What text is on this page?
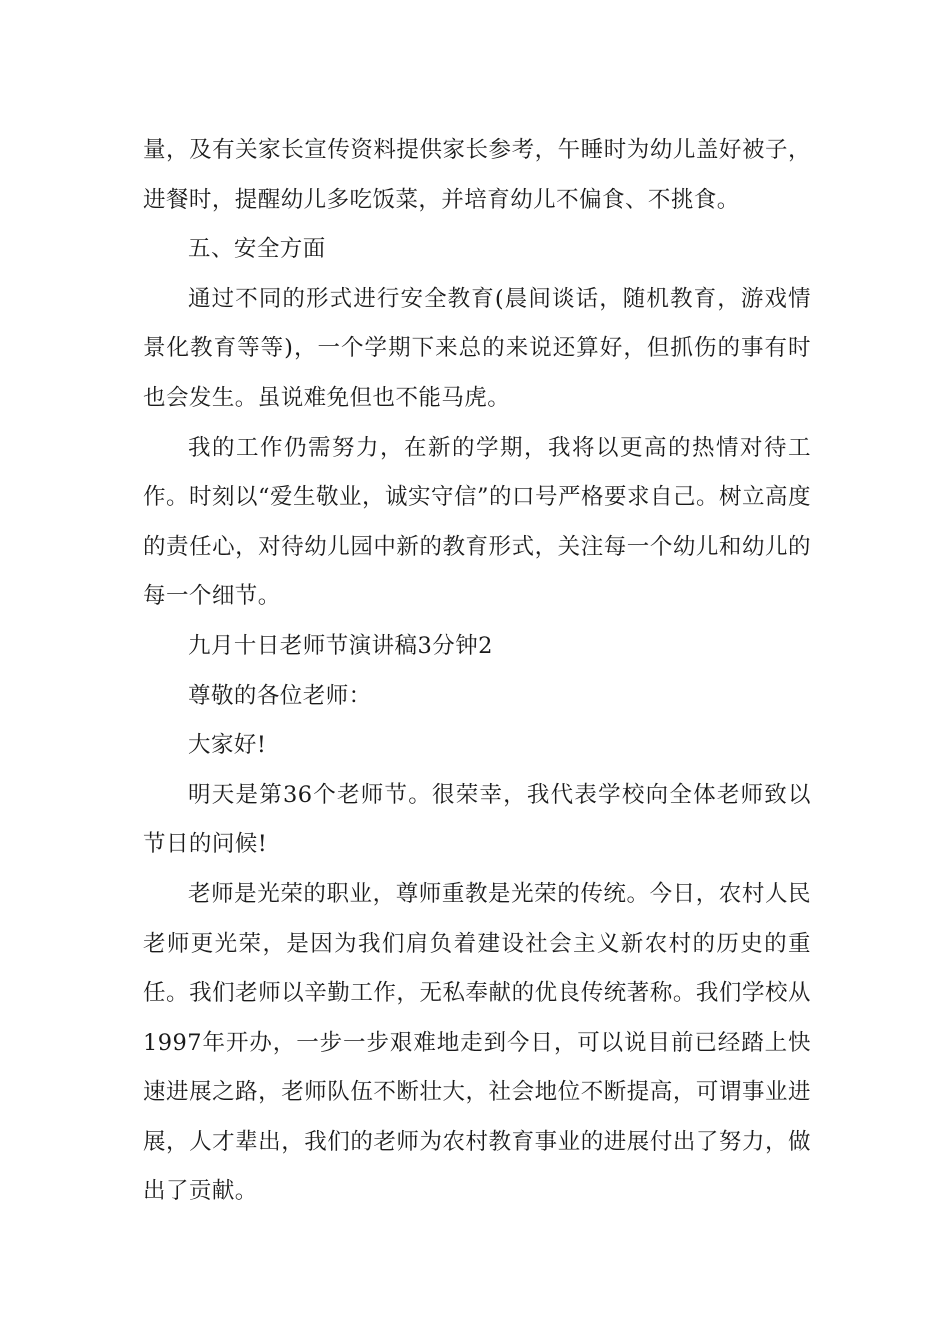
量，及有关家长宣传资料提供家长参考，午睡时为幼儿盖好被子，进餐时，提醒幼儿多吃饭菜，并培育幼儿不偏食、不挑食。

五、安全方面

通过不同的形式进行安全教育(晨间谈话，随机教育，游戏情景化教育等等)，一个学期下来总的来说还算好，但抓伤的事有时也会发生。虽说难免但也不能马虎。

我的工作仍需努力，在新的学期，我将以更高的热情对待工作。时刻以“爱生敬业，诚实守信”的口号严格要求自己。树立高度的责任心，对待幼儿园中新的教育形式，关注每一个幼儿和幼儿的每一个细节。

九月十日老师节演讲稿3分钟2

尊敬的各位老师：

大家好!

明天是第36个老师节。很荣幸，我代表学校向全体老师致以节日的问候!

老师是光荣的职业，尊师重教是光荣的传统。今日，农村人民老师更光荣，是因为我们肩负着建设社会主义新农村的历史的重任。我们老师以辛勤工作，无私奉献的优良传统著称。我们学校从1997年开办，一步一步艰难地走到今日，可以说目前已经踏上快速进展之路，老师队伍不断壮大，社会地位不断提高，可谓事业进展，人才辈出，我们的老师为农村教育事业的进展付出了努力，做出了贡献。
